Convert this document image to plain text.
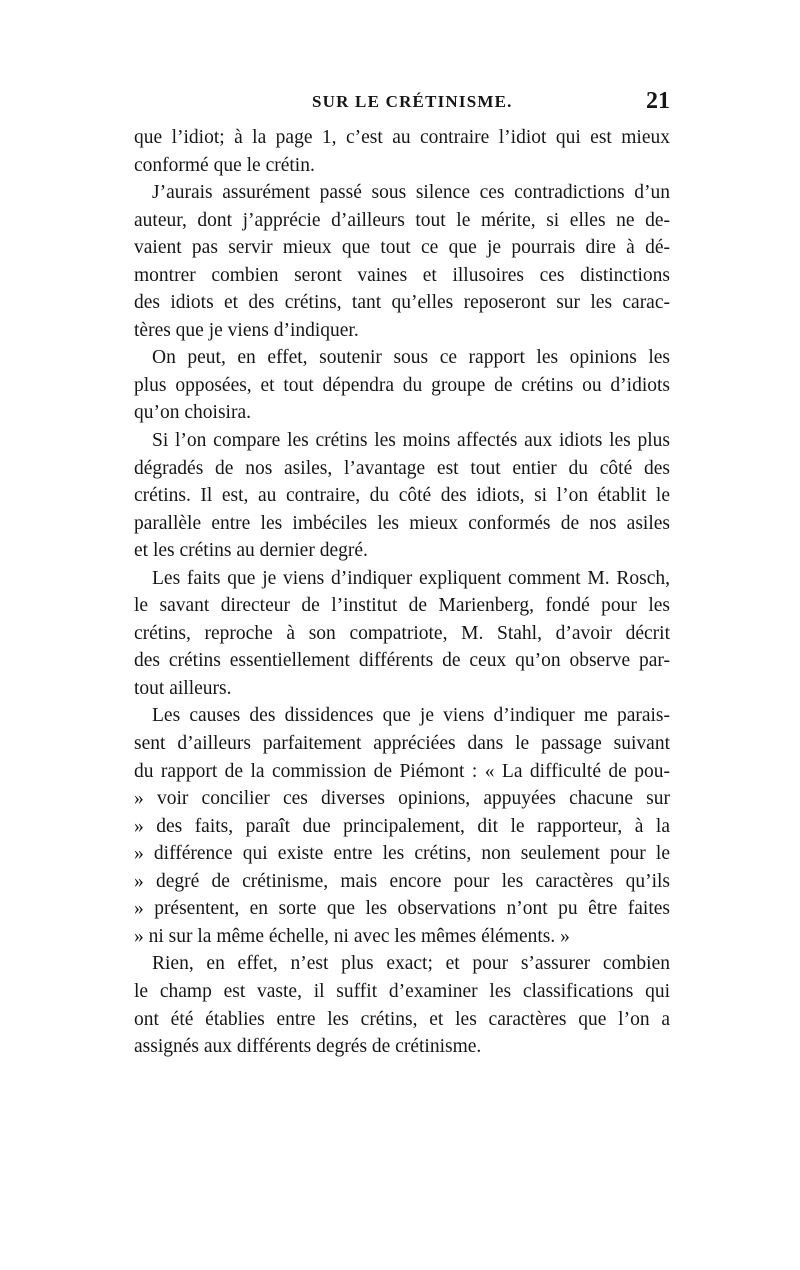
SUR LE CRÉTINISME.	21
que l’idiot; à la page 1, c’est au contraire l’idiot qui est mieux
conformé que le crétin.
J’aurais assurément passé sous silence ces contradictions d’un
auteur, dont j’apprécie d’ailleurs tout le mérite, si elles ne de-
vaient pas servir mieux que tout ce que je pourrais dire à dé-
montrer combien seront vaines et illusoires ces distinctions
des idiots et des crétins, tant qu’elles reposeront sur les carac-
tères que je viens d’indiquer.
On peut, en effet, soutenir sous ce rapport les opinions les
plus opposées, et tout dépendra du groupe de crétins ou d’idiots
qu’on choisira.
Si l’on compare les crétins les moins affectés aux idiots les plus
dégradés de nos asiles, l’avantage est tout entier du côté des
crétins. Il est, au contraire, du côté des idiots, si l’on établit le
parallèle entre les imbéciles les mieux conformés de nos asiles
et les crétins au dernier degré.
Les faits que je viens d’indiquer expliquent comment M. Rosch,
le savant directeur de l’institut de Marienberg, fondé pour les
crétins, reproche à son compatriote, M. Stahl, d’avoir décrit
des crétins essentiellement différents de ceux qu’on observe par-
tout ailleurs.
Les causes des dissidences que je viens d’indiquer me parais-
sent d’ailleurs parfaitement appréciées dans le passage suivant
du rapport de la commission de Piémont : « La difficulté de pou-
» voir concilier ces diverses opinions, appuyées chacune sur
» des faits, paraît due principalement, dit le rapporteur, à la
» différence qui existe entre les crétins, non seulement pour le
» degré de crétinisme, mais encore pour les caractères qu’ils
» présentent, en sorte que les observations n’ont pu être faites
» ni sur la même échelle, ni avec les mêmes éléments. »
Rien, en effet, n’est plus exact; et pour s’assurer combien
le champ est vaste, il suffit d’examiner les classifications qui
ont été établies entre les crétins, et les caractères que l’on a
assignés aux différents degrés de crétinisme.
